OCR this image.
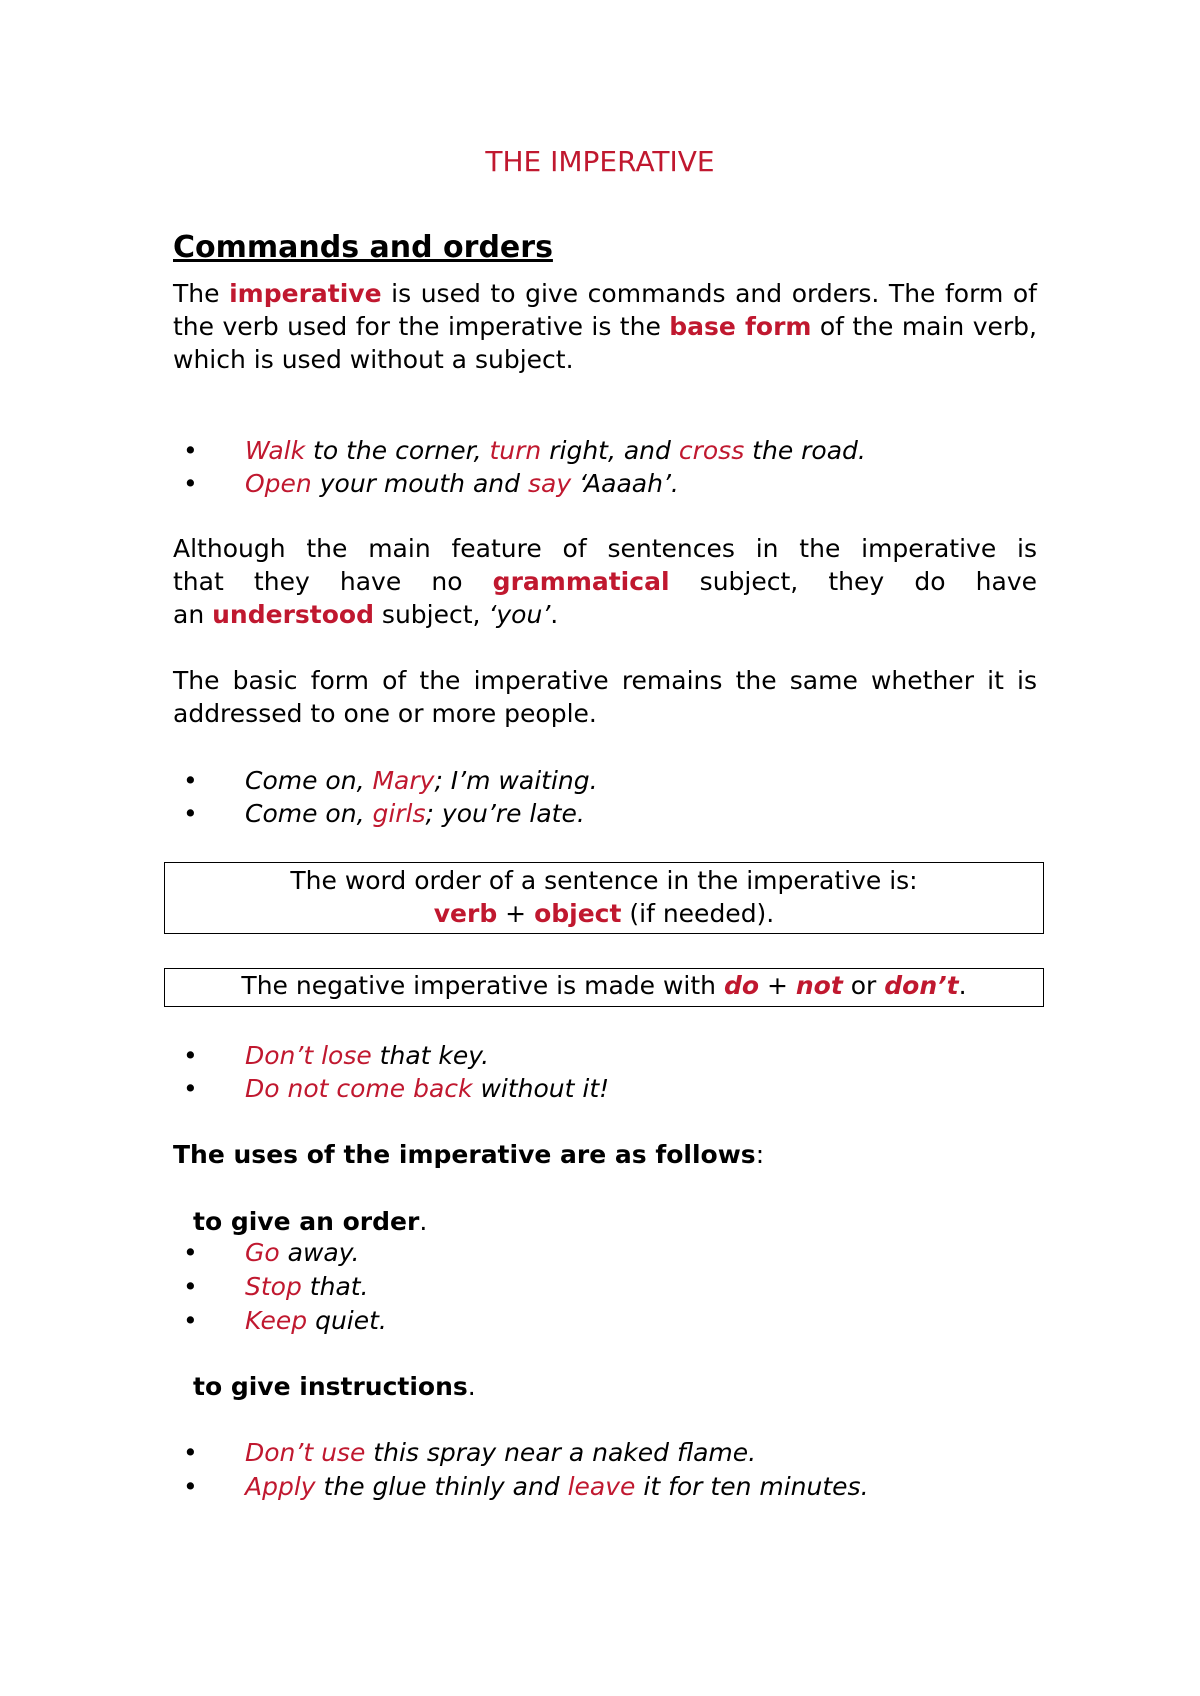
THE IMPERATIVE
Commands and orders

The imperative is used to give commands and orders. The form of the verb used for the imperative is the base form of the main verb, which is used without a subject.

• Walk to the corner, turn right, and cross the road.
• Open your mouth and say ‘Aaaah’.
Although the main feature of sentences in the imperative is
that they have no grammatical subject, they do have
an understood subject, ‘you’.

The basic form of the imperative remains the same whether it is addressed to one or more people.

• Come on, Mary; I’m waiting.
• Come on, girls; you’re late.
The word order of a sentence in the imperative is:
verb + object (if needed).
The negative imperative is made with do + not or don’t.
• Don’t lose that key.
• Do not come back without it!
The uses of the imperative are as follows:
to give an order.
• Go away.
• Stop that.
• Keep quiet.
to give instructions.
• Don’t use this spray near a naked flame.
• Apply the glue thinly and leave it for ten minutes.
